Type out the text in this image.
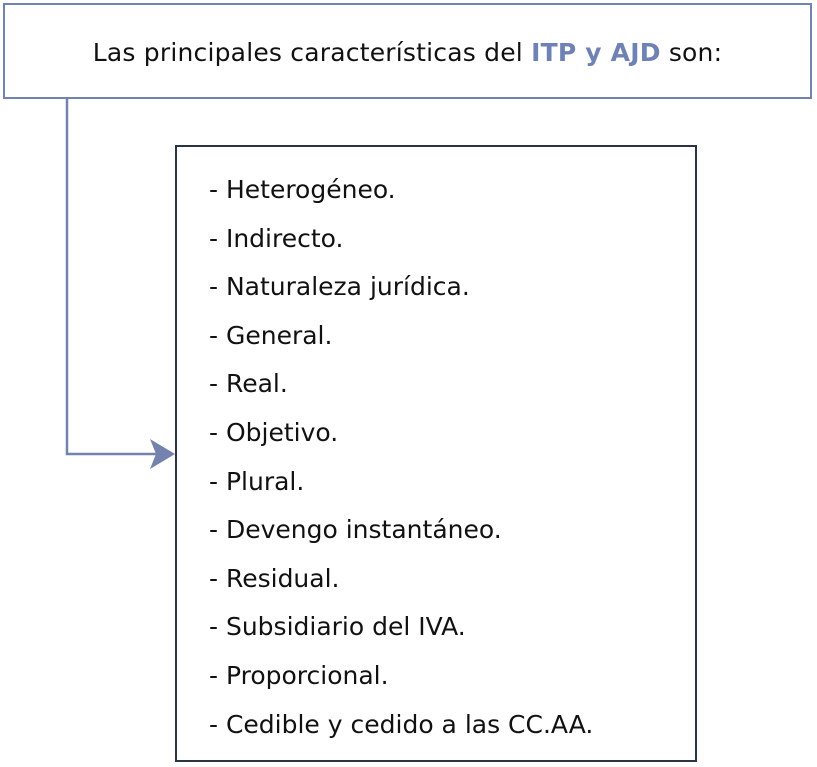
Las principales características del ITP y AJD son:
- Heterogéneo.
- Indirecto.
- Naturaleza jurídica.
- General.
- Real.
- Objetivo.
- Plural.
- Devengo instantáneo.
- Residual.
- Subsidiario del IVA.
- Proporcional.
- Cedible y cedido a las CC.AA.
